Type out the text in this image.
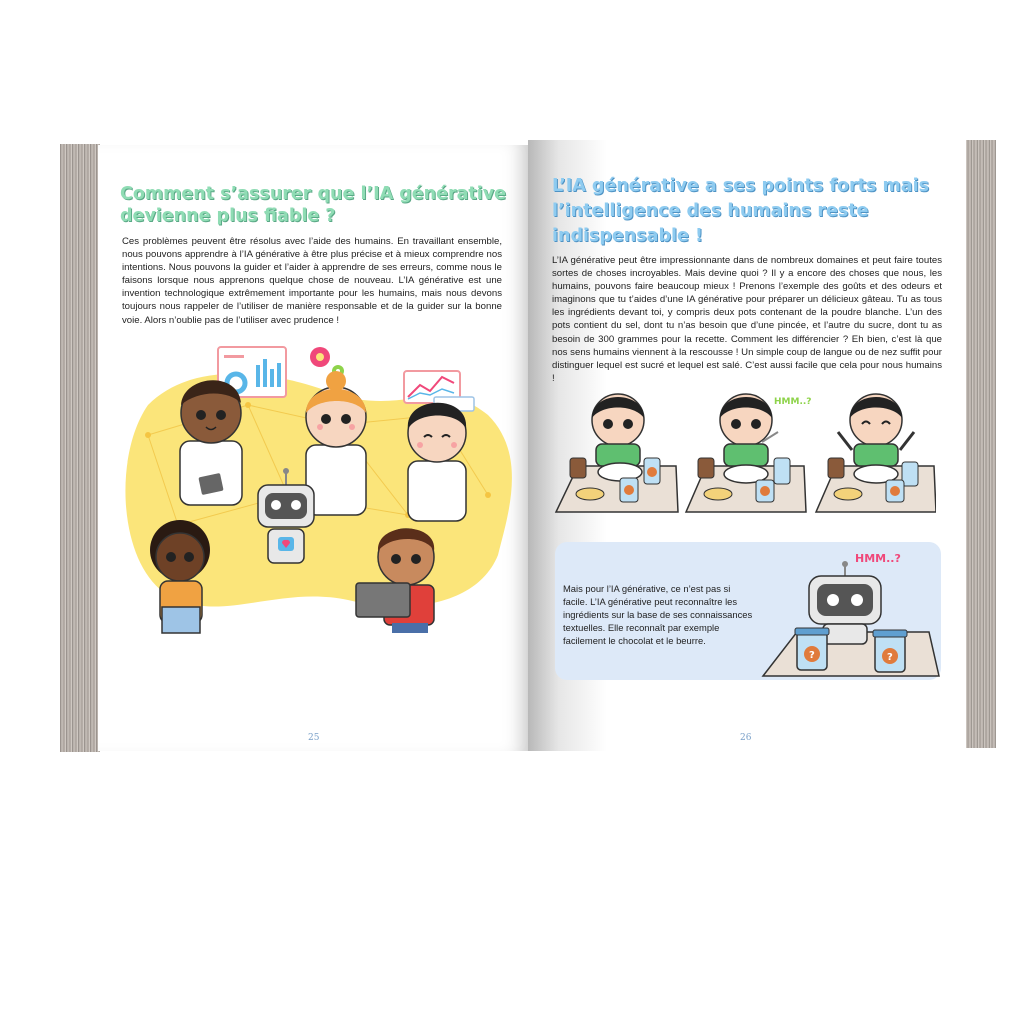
Comment s’assurer que l’IA générative devienne plus fiable ?

Ces problèmes peuvent être résolus avec l’aide des humains. En travaillant ensemble, nous pouvons apprendre à l’IA générative à être plus précise et à mieux comprendre nos intentions. Nous pouvons la guider et l’aider à apprendre de ses erreurs, comme nous le faisons lorsque nous apprenons quelque chose de nouveau. L’IA générative est une invention technologique extrêmement importante pour les humains, mais nous devons toujours nous rappeler de l’utiliser de manière responsable et de la guider sur la bonne voie. Alors n’oublie pas de l’utiliser avec prudence !

25
L’IA générative a ses points forts mais l’intelligence des humains reste indispensable !

L’IA générative peut être impressionnante dans de nombreux domaines et peut faire toutes sortes de choses incroyables. Mais devine quoi ? Il y a encore des choses que nous, les humains, pouvons faire beaucoup mieux ! Prenons l’exemple des goûts et des odeurs et imaginons que tu t’aides d’une IA générative pour préparer un délicieux gâteau. Tu as tous les ingrédients devant toi, y compris deux pots contenant de la poudre blanche. L’un des pots contient du sel, dont tu n’as besoin que d’une pincée, et l’autre du sucre, dont tu as besoin de 300 grammes pour la recette. Comment les différencier ? Eh bien, c’est là que nos sens humains viennent à la rescousse ! Un simple coup de langue ou de nez suffit pour distinguer lequel est sucré et lequel est salé. C’est aussi facile que cela pour nous humains !

HMM..?

Mais pour l’IA générative, ce n’est pas si facile. L’IA générative peut reconnaître les ingrédients sur la base de ses connaissances textuelles. Elle reconnaît par exemple facilement le chocolat et le beurre.

HMM..?
?	?
26
